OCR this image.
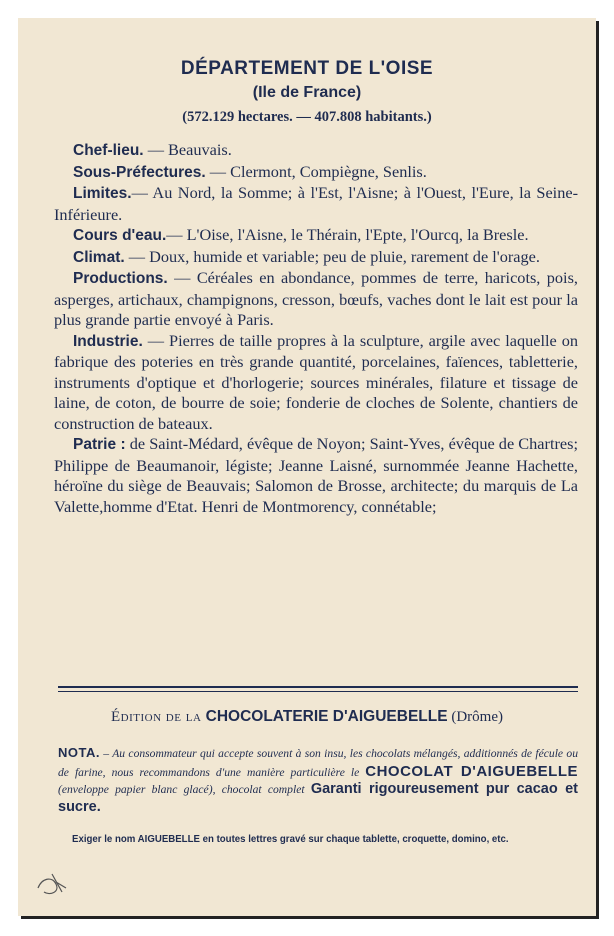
DÉPARTEMENT DE L'OISE
(Ile de France)
(572.129 hectares. — 407.808 habitants.)

Chef-lieu. — Beauvais.

Sous-Préfectures. — Clermont, Compiègne, Senlis.

Limites.— Au Nord, la Somme; à l'Est, l'Aisne; à l'Ouest, l'Eure, la Seine-Inférieure.

Cours d'eau.— L'Oise, l'Aisne, le Thérain, l'Epte, l'Ourcq, la Bresle.

Climat. — Doux, humide et variable; peu de pluie, rarement de l'orage.

Productions. — Céréales en abondance, pommes de terre, haricots, pois, asperges, artichaux, champignons, cresson, bœufs, vaches dont le lait est pour la plus grande partie envoyé à Paris.

Industrie. — Pierres de taille propres à la sculpture, argile avec laquelle on fabrique des poteries en très grande quantité, porcelaines, faïences, tabletterie, instruments d'optique et d'horlogerie; sources minérales, filature et tissage de laine, de coton, de bourre de soie; fonderie de cloches de Solente, chantiers de construction de bateaux.

Patrie : de Saint-Médard, évêque de Noyon; Saint-Yves, évêque de Chartres; Philippe de Beaumanoir, légiste; Jeanne Laisné, surnommée Jeanne Hachette, héroïne du siège de Beauvais; Salomon de Brosse, architecte; du marquis de La Valette,homme d'Etat. Henri de Montmorency, connétable;

Édition de la CHOCOLATERIE D'AIGUEBELLE (Drôme)
NOTA. – Au consommateur qui accepte souvent à son insu, les chocolats mélangés, additionnés de fécule ou de farine, nous recommandons d'une manière particulière le CHOCOLAT D'AIGUEBELLE (enveloppe papier blanc glacé), chocolat complet Garanti rigoureusement pur cacao et sucre.
Exiger le nom AIGUEBELLE en toutes lettres gravé sur chaque tablette, croquette, domino, etc.
